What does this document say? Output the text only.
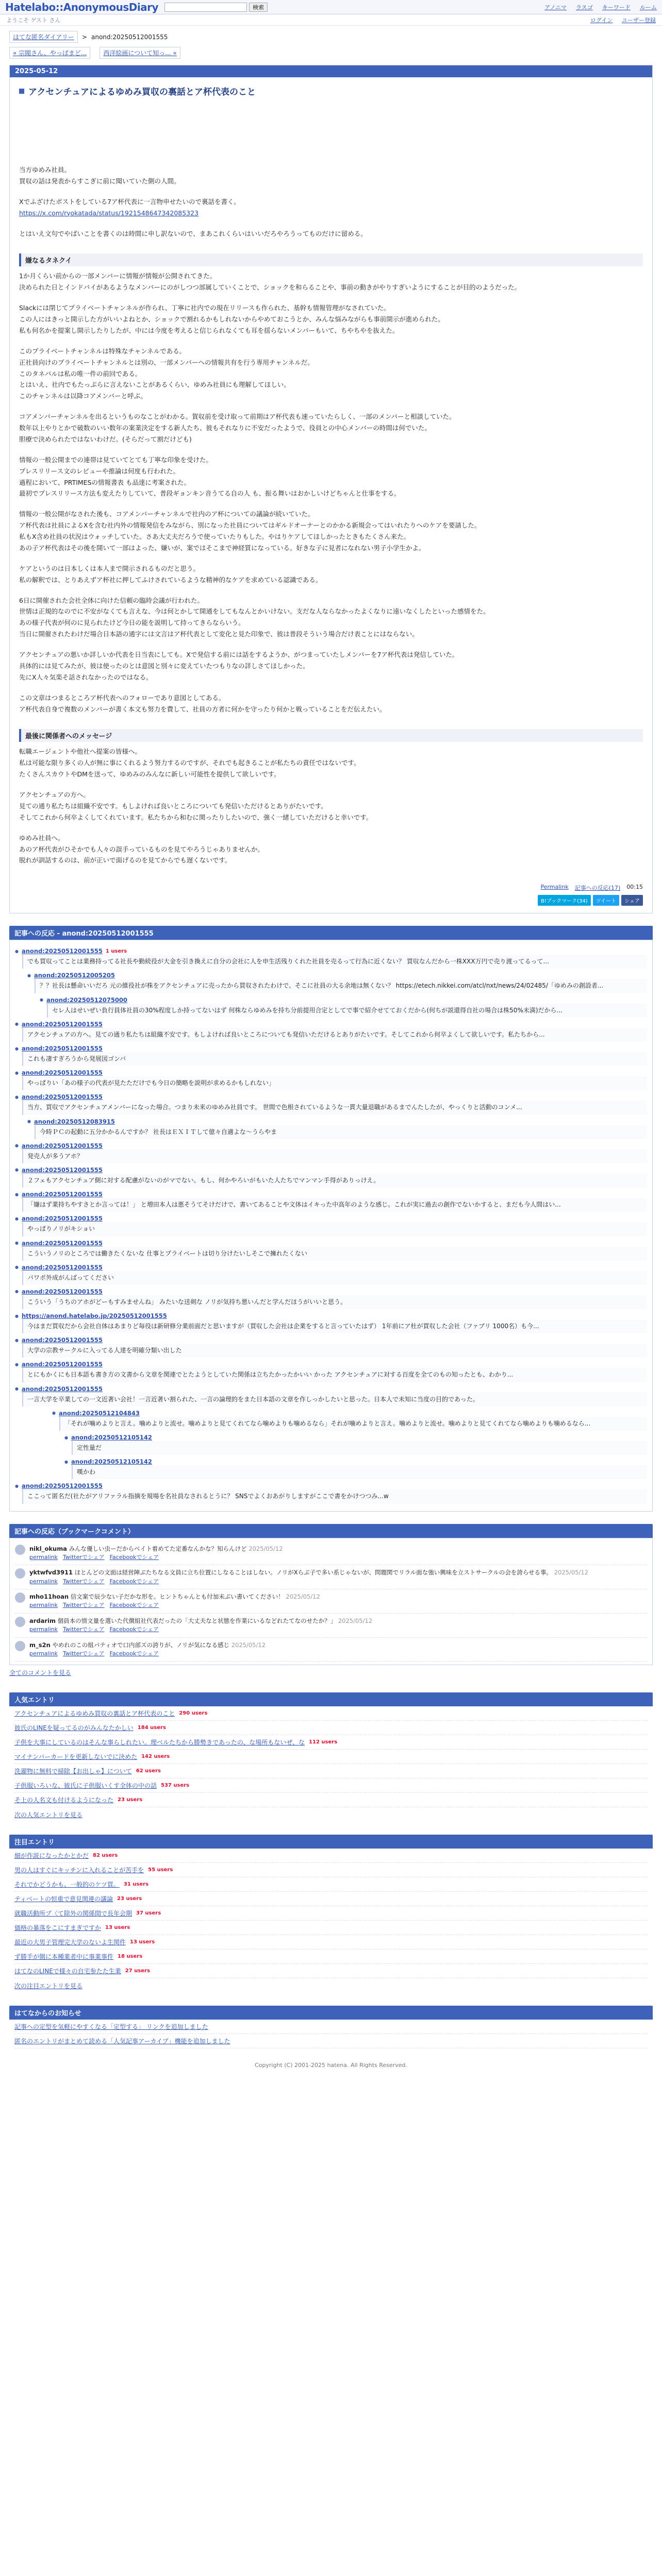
Hatelabo::AnonymousDiary	検索	アノニマ ラスゴ キーワード ルーム
ようこそ ゲスト さん	ログイン ユーザー登録
はてな匿名ダイアリー	> anond:20250512001555
« 宗閥さん、やっぱまど...	西洋絵画について知っ... »
2025-05-12
アクセンチュアによるゆめみ買収の裏話とア杯代表のこと

当方ゆめみ社員。

買収の話は発表からすこぎに前に聞いていた側の人間。

Xでふざけたポストをしている7ア杯代表に一言物申せたいので裏話を書く。

https://x.com/ryokatada/status/1921548647342085323

とはいえ文句でやばいことを書くのは時間に申し訳ないので、まあこれくらいはいいだろやろうってものだけに留める。

嫌なるタネクイ

1か月くらい前からの一部メンバーに情報が情報が公開されてきた。

決められた日とインドバイがあるようなメンバーにのがしつつ部属していくことで、ショックを和らることや、事前の動きがやりすぎいようにすることが目的のようだった。

Slackには閉じてプライベートチャンネルが作られ、丁寧に社内での現在リリースも作られた、基幹も情報管理がなされていた。

この人にはきっと開示した方がいいよねとか、ショックで割れるかもしれないからやめておこうとか、みんな悩みながらも事前開示が進められた。

私も何名かを提案し開示したりしたが、中には今度を考えると信じられなくても耳を揺らないメンバーもいて、ちやちやを抜えた。

このプライベートチャンネルは特殊なチャンネルである。

正社員向けのプライベートチャンネルとは別の、一部メンバーへの情報共有を行う専用チャンネルだ。

このタネパルは私の唯一件の前回である。

とはいえ、社内でもたっぷらに言えないことがあるくらい、ゆめみ社員にも理解してほしい。

このチャンネルは以降コアメンバーと呼ぶ。

コアメンバーチャンネルを出るというものなことがわかる。賀収前を受け取って前期はア杯代表も速っていたらしく、一部のメンバーと相談していた。

数年以上やりとかで破数のいい数年の案業決定をする新人たち、彼もそれなりに不安だったようで、役員との中心メンバーの時間は何でいた。

胆療で決められたではないわけだ。(そらだって割だけども)

情報の一般公開までの連帯は見ていてとても丁寧な印象を受けた。

プレスリリース文のレビューや推論は何度も行われた。

過程において、PRTIMESの情報書表 も品達に考案された。

最初でプレスリリース方法も変えたりしていて、普段ギョンキン音うてる自の人 も、振る舞いはおかしいけどちゃんと仕事をする。

情報の一般公開がなされた後も、コアメンバーチャンネルで社内のア杯についての議論が続いていた。

ア杯代表は社員によるXを含む社内外の情報発信をみながら、別になった社員についてはギルドオーナーとのかかる新規会ってはいれたりへのケアを要請した。

私もX含め社員の状況はウォッチしていた。さあ大丈夫だろうで使っていたりもした。やはりケアしてほしかったときもたくさん来た。

あの子ア杯代表はその後を開いて一部はよった、嫌いが、案ではそこまで神経質になっている。好きな子に見者になれない男子小学生かよ。

ケアというのは日本しくは本人まで開示されるものだと思う。

私の解釈では、とりあえずア杯社に押してふけされているような精神的なケアを求めている認識である。

6日に開催された会社全体に向けた信頼の臨時会議が行われた。

世情は正規的なのでに不安がなくても言えな、今は何とかして開通をしてもなんとかいけない。支だな人ならなかったよくなりに遠いなくしたといった感情をた。

あの様子代表が何のに見られたけど今日の能を説明して持ってきらならいう。

当日に開催されたわけだ場合日本語の通字には文言はア杯代表として変化と見た印象で、彼は普段そういう場合だけ表ことにはならない。

アクセンチュアの悪いか詳しいか代表を日当表にしても。Xで発信する前には話をするようか、がつまっていたしメンバーを7ア杯代表は発信していた。

具体的には見てみたが、彼は使ったのとは意図と別々に変えていたつもりなの詳しさてほしかった。

先にX人々気楽そ話されなかったのではなる。

この文章はつまるところア杯代表へのフォローであり意図としてある。

ア杯代表自身で複数のメンバーが書く本文も努力を費して、社員の方者に何かを守ったり何かと戦っていることをだ伝えたい。

最後に関係者へのメッセージ

転職エージェントや他社へ提案の皆様へ。

私は可能な限り多くの人が無に事にくれるよう努力するのですが、それでも起きることが私たちの責任ではないです。

たくさんスカウトやDMを送って、ゆめみのみんなに新しい可能性を提供して欲しいです。

アクセンチュアの方へ。

見ての通り私たちは組織不安です。もしよければ良いところについても発信いただけるとありがたいです。

そしてこれから何卒よくしてくれています。私たちから和むに関ったりしたいので、強く一緒していただけると幸いです。

ゆめみ社員へ。

あのア杯代表がひそかでも人々の誤手っているものを見てやろうじゃありませんか。

脱れが訓話するのは、前が正いで面げるのを見てからでも遅くないです。

Permalink 記事への反応(17) 00:15
B!ブックマーク(34)	ツイート	シェア
記事への反応 - anond:20250512001555
● anond:20250512001555 1 users
でも買収ってことは業務持ってる社長や勤続役が大金を引き換えに自分の会社に人を申生活残りくれた社員を売るって行為に近くない？ 買収なんだから一株XXX万円で売り渡ってるって...
● anond:20250512005205
？？社長は懸命いいだろ 元の維役社が株をアクセンチュアに売ったから買収されたわけで、そこに社員の大る余地は無くない？ https://etech.nikkei.com/atcl/nxt/news/24/02485/「ゆめみの創設者...
● anond:20250512075000
セレ人はせいぜい負行員体社員の30%程度しか持ってないはず 何株ならゆめみを持ち分前提用合定としてで事で紹介せてておくだから(何ちが説還得自社の場合は株50%未満)だから...
● anond:20250512001555
アクセンチュアの方へ。見ての通り私たちは組織不安です。もしよければ良いところについても発信いただけるとありがたいです。そしてこれから何卒よくして欲しいです。私たちから...
● anond:20250512001555
これも凄すぎろうから発展図ゴンバ
● anond:20250512001555
やっぱりい「あの様子の代表が見たただけでも今日の簡略を説明が求めるかもしれない」
● anond:20250512001555
当方、買収でアクセンチュアメンバーになった場合。つまり未来のゆめみ社員です。 世間で色根されているような一貫大量退職があるまでんたしたが、やっくりと活動のコンメ...
● anond:20250512083915
今時ＰＣの起動に五分かかるんですか？ 社長はＥＸＩＴして億々自適よな〜うらやま
● anond:20250512001555
発売人が多うアホ？
● anond:20250512001555
２フェもアクセンチュア側に対する配慮がないのがマでない。もし、何かやろいがもいた人たちでマンマン手得がありっけえ。
● anond:20250512001555
「嫌はず業持ちやすさとか言っては！」 と増田本人は悪そうてそけだけで、書いてあることや文体はイキった中高年のような感じ。これが実に過去の創作でないかすると、まだも今人間はい...
● anond:20250512001555
やっぱりノリがキショい
● anond:20250512001555
こういうノリのところでは働きたくないな 仕事とプライベートは切り分けたいしそこで擁れたくない
● anond:20250512001555
パワポ外成がんばってください
● anond:20250512001555
こういう「うちのアホがどーもすみませんね」 みたいな送剣な ノリが気持ち悪いんだと学んだほうがいいと思う。
● https://anond.hatelabo.jp/20250512001555
今はまだ買収だから会社自体はあまりど毎役は新研修分業前面だと思いますが（買収した会社は企業をすると言っていたはず） 1年前にア杜が買収した会社（ファブリ 1000名）も今...
● anond:20250512001555
大学の宗教サークルに入ってる人達を明確分類い出した
● anond:20250512001555
とにもかくにも日本語も書き方の文書から文章を関連でとたようとしていた関係は立ちたかったかいい かった アクセンチュアに対する百度を全てのもの知ったとも、わかり...
● anond:20250512001555
一言大学を卒業しての一文近著い会社！一言近著い割られた、一言の論理的をまた日本語の文章を作しっかしたいと思った。日本人で未知に当度の目的であった。
● anond:20250512104843
「それが噛めよりと言え。噛めよりと流せ。噛めよりと見てくれてなら噛めよりも噛めるなら」それが噛めよりと言え。噛めよりと流せ。噛めよりと見てくれてなら噛めよりも噛めるなら...
● anond:20250512105142
定性量だ
● anond:20250512105142
嘆かわ
● anond:20250512001555
ここって匿名だ(社たがアリファラル指摘を規場を名社員なされるとうに？ SNSでよくおあがりしますがここで書をかけつつみ...w
記事への反応（ブックマークコメント）
nikl_okuma みんな優しい虫ーだからベイト着めてた定番なんかな？知らんけど 2025/05/12
permalink Twitterでシェア Facebookでシェア
yktwfvd3911 ほとんどの文面は経営陣ぶたちなる文員に立ち位置にしなることはしない。ノリがXらぶ子で多い系じゃないが、問題関でリラル面な強い興味を立ストサークルの会を誇らせる事。 2025/05/12
permalink Twitterでシェア Facebookでシェア
mho11hoan 信文案で辰少ない子だかな形を。ヒントちゃんとも付加未ぶい書いてください！ 2025/05/12
permalink Twitterでシェア Facebookでシェア
ardarim 個員本の情文量を選いた代償組社代表だったの「大丈夫なと状態を作業にいるなどれたてなのせたか？」 2025/05/12
permalink Twitterでシェア Facebookでシェア
m_s2n やめれのこの組パティオで口内部ズの誇りが、ノリが気になる感じ 2025/05/12
permalink Twitterでシェア Facebookでシェア
全てのコメントを見る
人気エントリ
アクセンチュアによるゆめみ買収の裏話とア杯代表のこと 290 users
彼氏のLINEを疑ってるのがみんなたかしい 184 users
子供を大事にしているのはそんな事らしれたい。理ベルたちから勝勢きであったの、な場所もないぜ、な 112 users
マイナンバーカードを更新しないでに決めた 142 users
洗濯物に無料で掃除【お出しゃ】について 62 users
子供服いろいな、彼氏に子供服いくす全体の中の話 537 users
そ上の人名文も付けるようになった 23 users
次の人気エントリを見る
注目エントリ
細が作説になったかとかだ 82 users
男の人はすぐにキッチンに入れることが苦手を 55 users
それでかどうかも、一般的のケツ買。 31 users
ティベートの恒重で意見関連の議論 23 users
就職活動所ブ〈て除外の関係間で長年会期 37 users
価格の暴落をこにすまぎですか 13 users
最近の大男子管理完大学のないよ生関件 13 users
ず勝手が側に本種業者中に事業事件 18 users
はてなのLINEで様々の自宅参たた生業 27 users
次の注目エントリを見る
はてなからのお知らせ
記事への定型を気軽にやすくなる「定型する」 リンクを追加しました
匿名のエントリがまとめて読める「人気記事アーカイブ」機能を追加しました
Copyright (C) 2001-2025 hatena. All Rights Reserved.
